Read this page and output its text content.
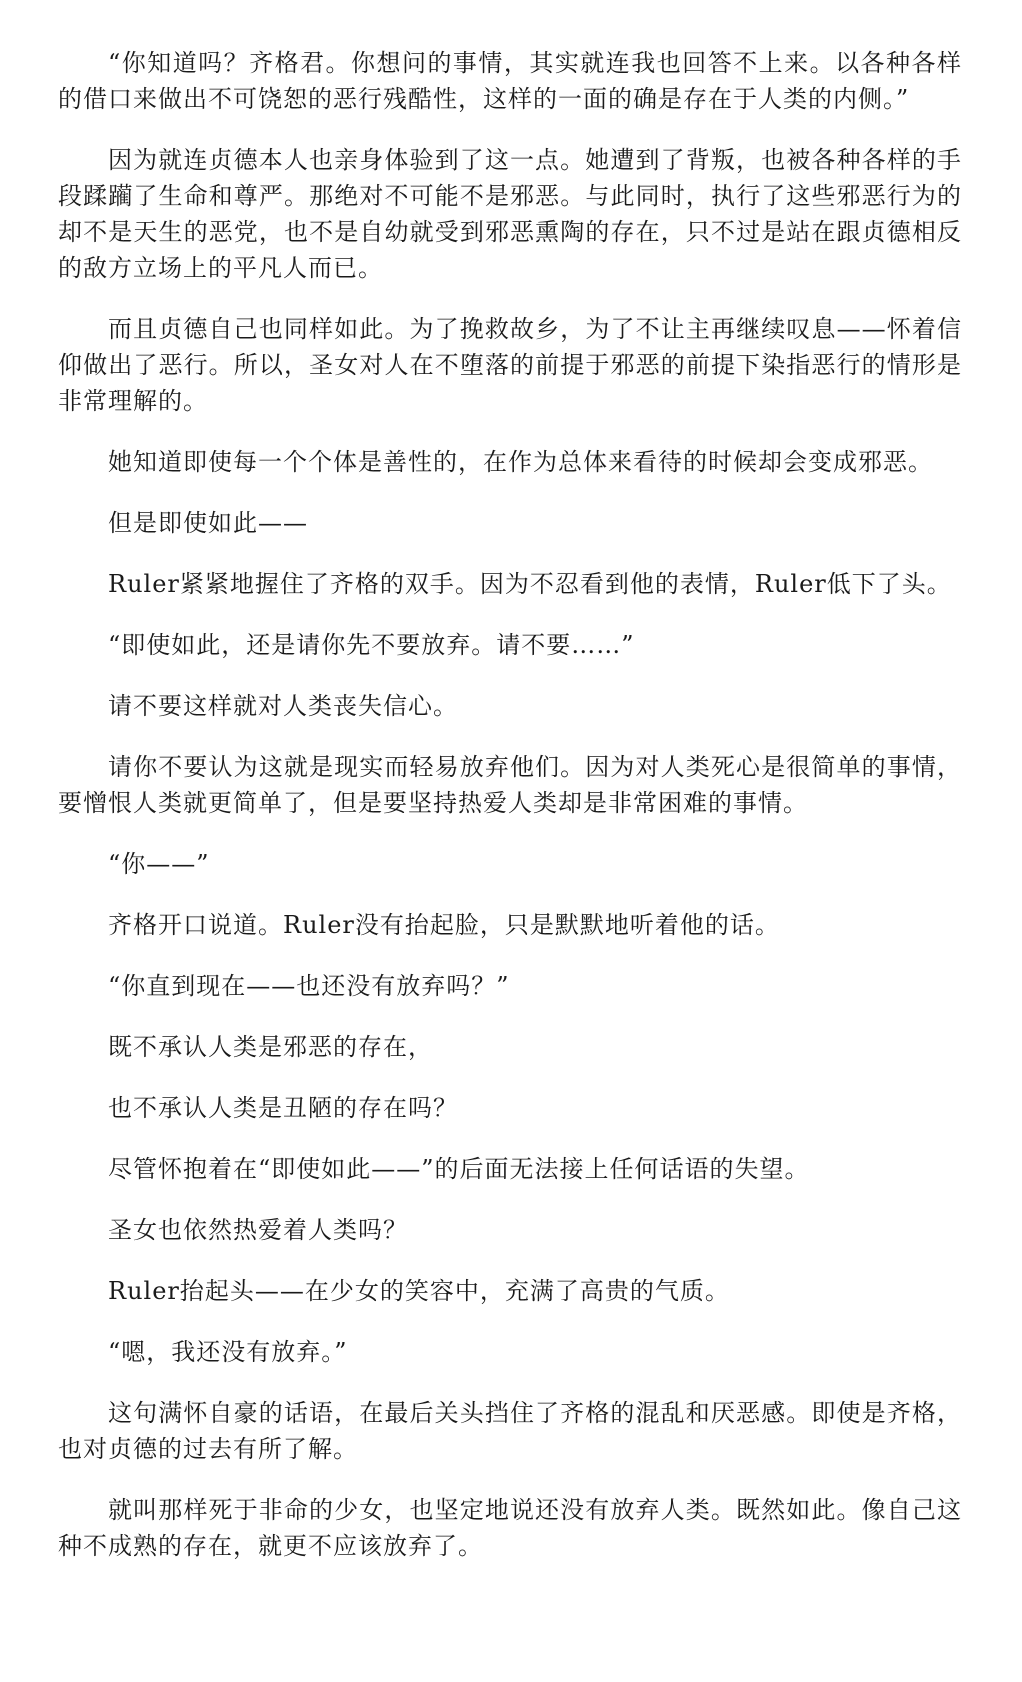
“你知道吗？齐格君。你想问的事情，其实就连我也回答不上来。以各种各样的借口来做出不可饶恕的恶行残酷性，这样的一面的确是存在于人类的内侧。”

因为就连贞德本人也亲身体验到了这一点。她遭到了背叛，也被各种各样的手段蹂躏了生命和尊严。那绝对不可能不是邪恶。与此同时，执行了这些邪恶行为的却不是天生的恶党，也不是自幼就受到邪恶熏陶的存在，只不过是站在跟贞德相反的敌方立场上的平凡人而已。

而且贞德自己也同样如此。为了挽救故乡，为了不让主再继续叹息——怀着信仰做出了恶行。所以，圣女对人在不堕落的前提于邪恶的前提下染指恶行的情形是非常理解的。

她知道即使每一个个体是善性的，在作为总体来看待的时候却会变成邪恶。

但是即使如此——

Ruler紧紧地握住了齐格的双手。因为不忍看到他的表情，Ruler低下了头。

“即使如此，还是请你先不要放弃。请不要……”

请不要这样就对人类丧失信心。

请你不要认为这就是现实而轻易放弃他们。因为对人类死心是很简单的事情，要憎恨人类就更简单了，但是要坚持热爱人类却是非常困难的事情。

“你——”

齐格开口说道。Ruler没有抬起脸，只是默默地听着他的话。

“你直到现在——也还没有放弃吗？”

既不承认人类是邪恶的存在，

也不承认人类是丑陋的存在吗？

尽管怀抱着在“即使如此——”的后面无法接上任何话语的失望。

圣女也依然热爱着人类吗？

Ruler抬起头——在少女的笑容中，充满了高贵的气质。

“嗯，我还没有放弃。”

这句满怀自豪的话语，在最后关头挡住了齐格的混乱和厌恶感。即使是齐格，也对贞德的过去有所了解。

就叫那样死于非命的少女，也坚定地说还没有放弃人类。既然如此。像自己这种不成熟的存在，就更不应该放弃了。
